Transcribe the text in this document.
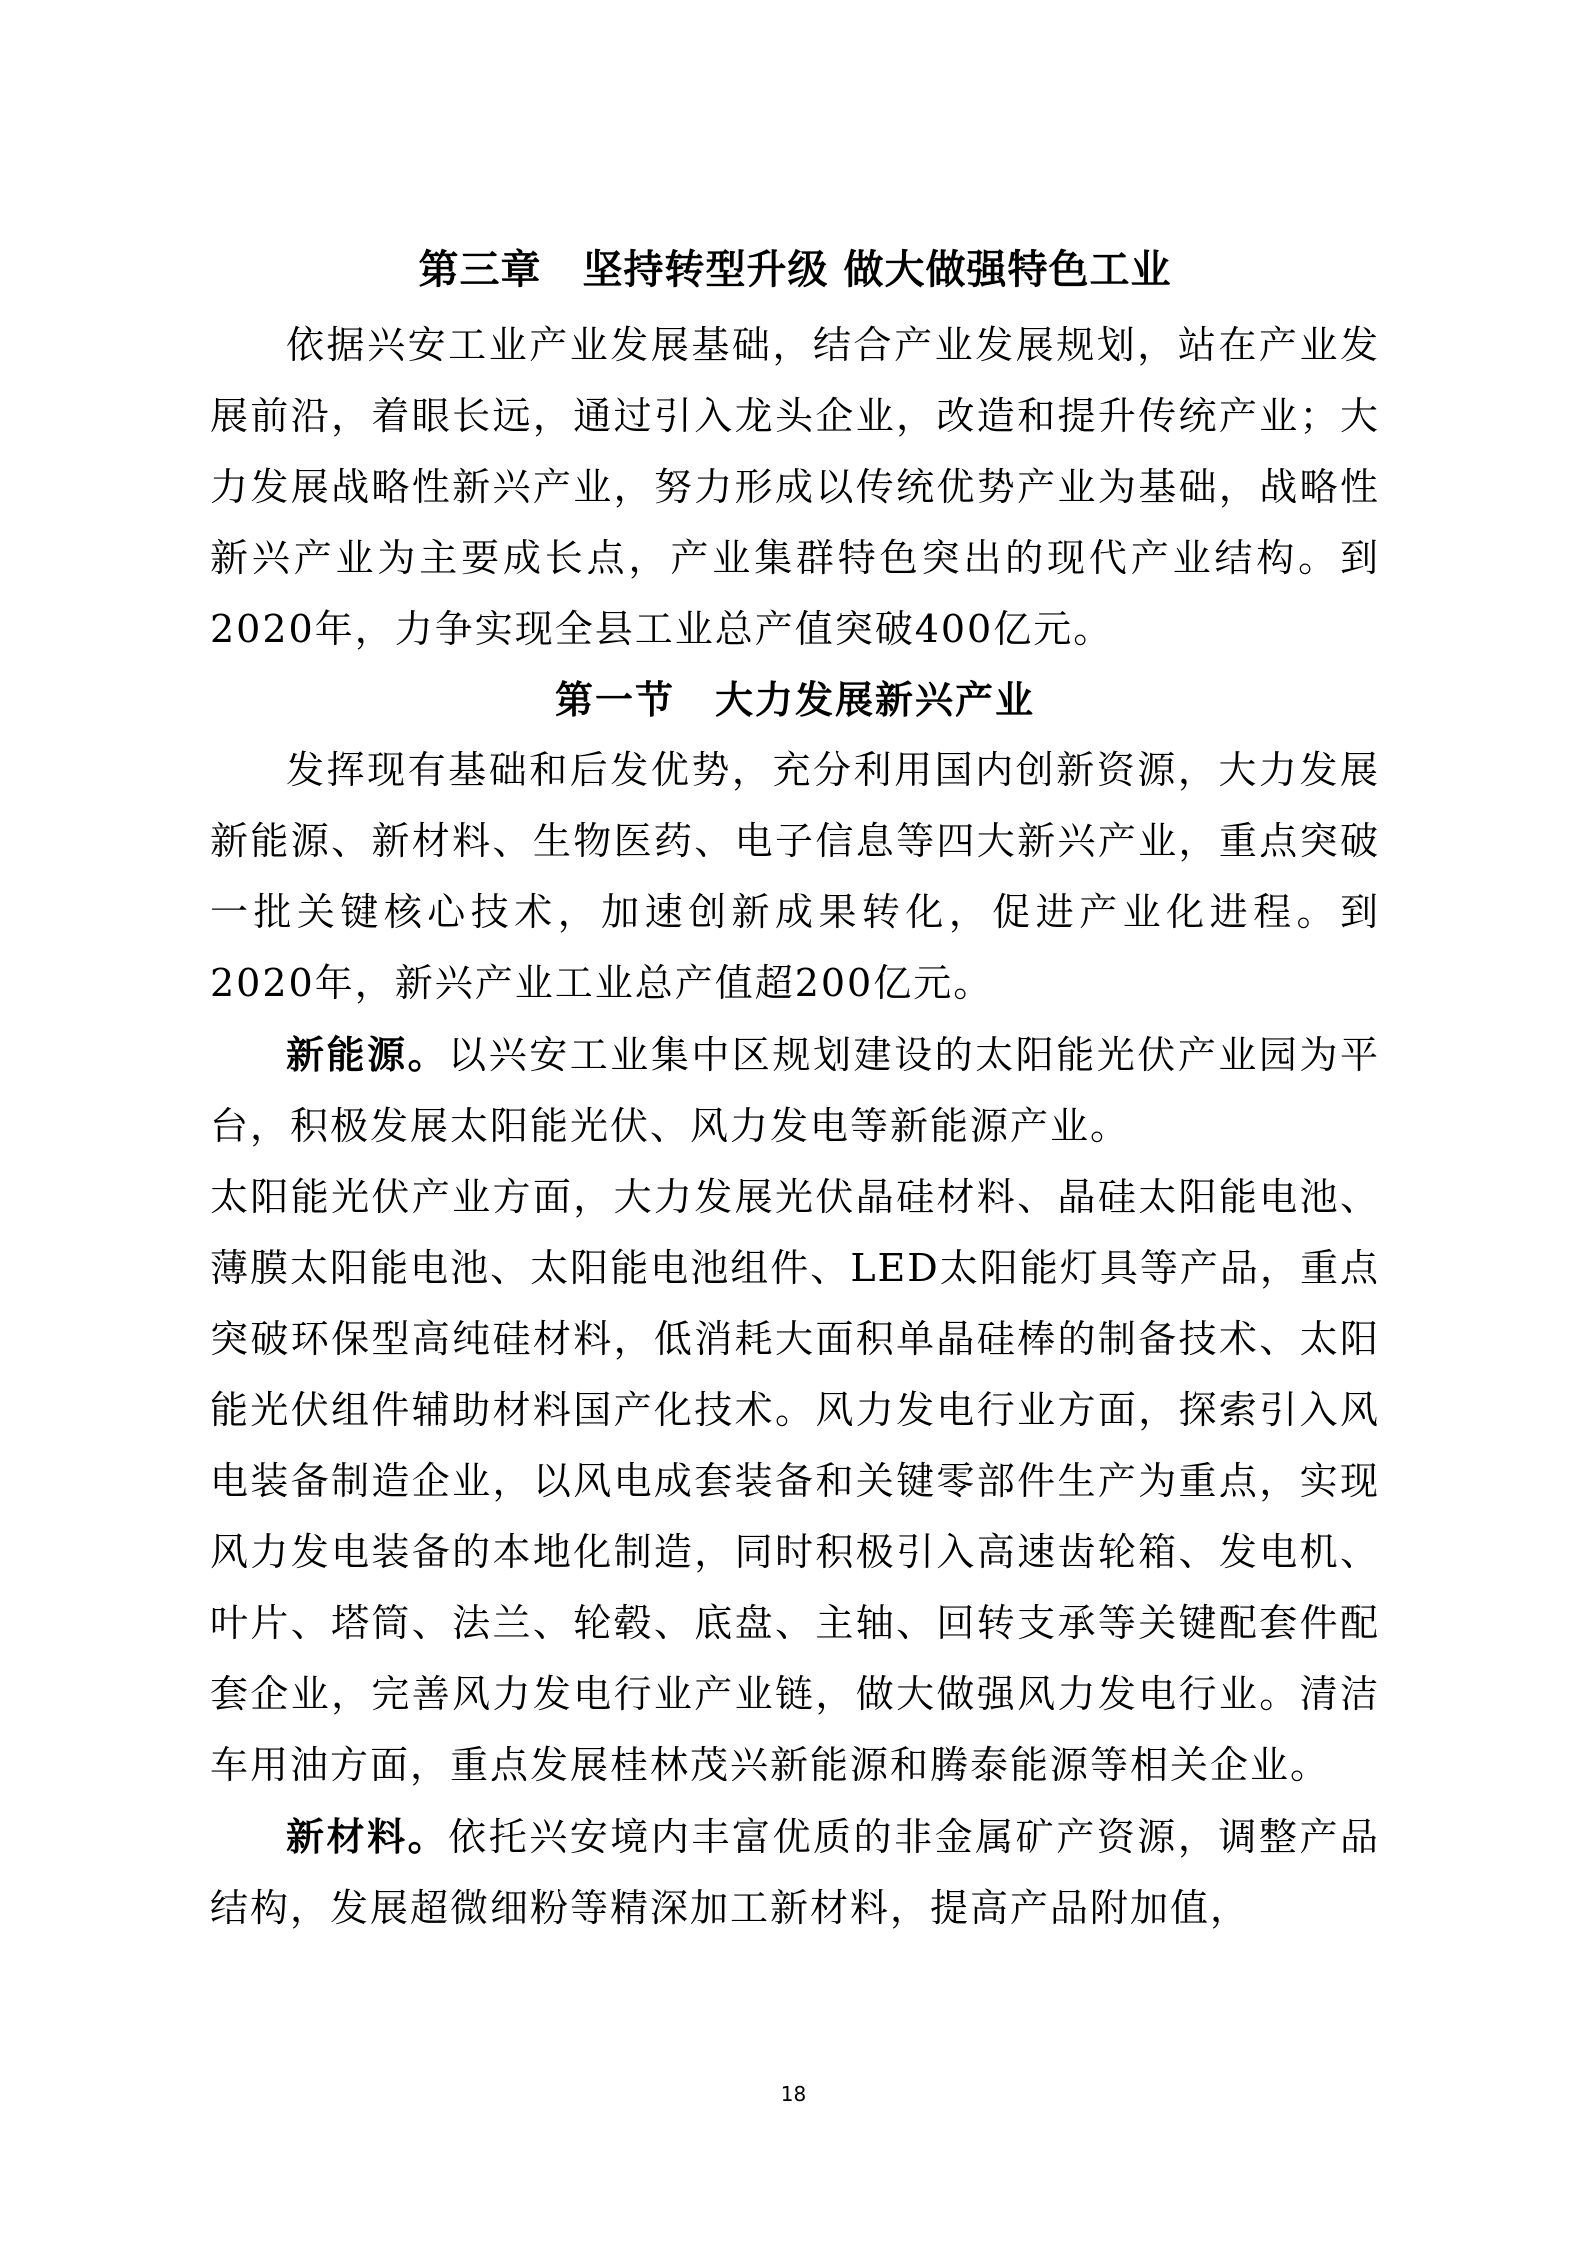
第三章　坚持转型升级 做大做强特色工业

依据兴安工业产业发展基础，结合产业发展规划，站在产业发展前沿，着眼长远，通过引入龙头企业，改造和提升传统产业；大力发展战略性新兴产业，努力形成以传统优势产业为基础，战略性新兴产业为主要成长点，产业集群特色突出的现代产业结构。到2020年，力争实现全县工业总产值突破400亿元。

第一节　大力发展新兴产业

发挥现有基础和后发优势，充分利用国内创新资源，大力发展新能源、新材料、生物医药、电子信息等四大新兴产业，重点突破一批关键核心技术，加速创新成果转化，促进产业化进程。到2020年，新兴产业工业总产值超200亿元。

新能源。以兴安工业集中区规划建设的太阳能光伏产业园为平台，积极发展太阳能光伏、风力发电等新能源产业。

太阳能光伏产业方面，大力发展光伏晶硅材料、晶硅太阳能电池、薄膜太阳能电池、太阳能电池组件、LED太阳能灯具等产品，重点突破环保型高纯硅材料，低消耗大面积单晶硅棒的制备技术、太阳能光伏组件辅助材料国产化技术。风力发电行业方面，探索引入风电装备制造企业，以风电成套装备和关键零部件生产为重点，实现风力发电装备的本地化制造，同时积极引入高速齿轮箱、发电机、叶片、塔筒、法兰、轮毂、底盘、主轴、回转支承等关键配套件配套企业，完善风力发电行业产业链，做大做强风力发电行业。清洁车用油方面，重点发展桂林茂兴新能源和腾泰能源等相关企业。

新材料。依托兴安境内丰富优质的非金属矿产资源，调整产品结构，发展超微细粉等精深加工新材料，提高产品附加值，

18
